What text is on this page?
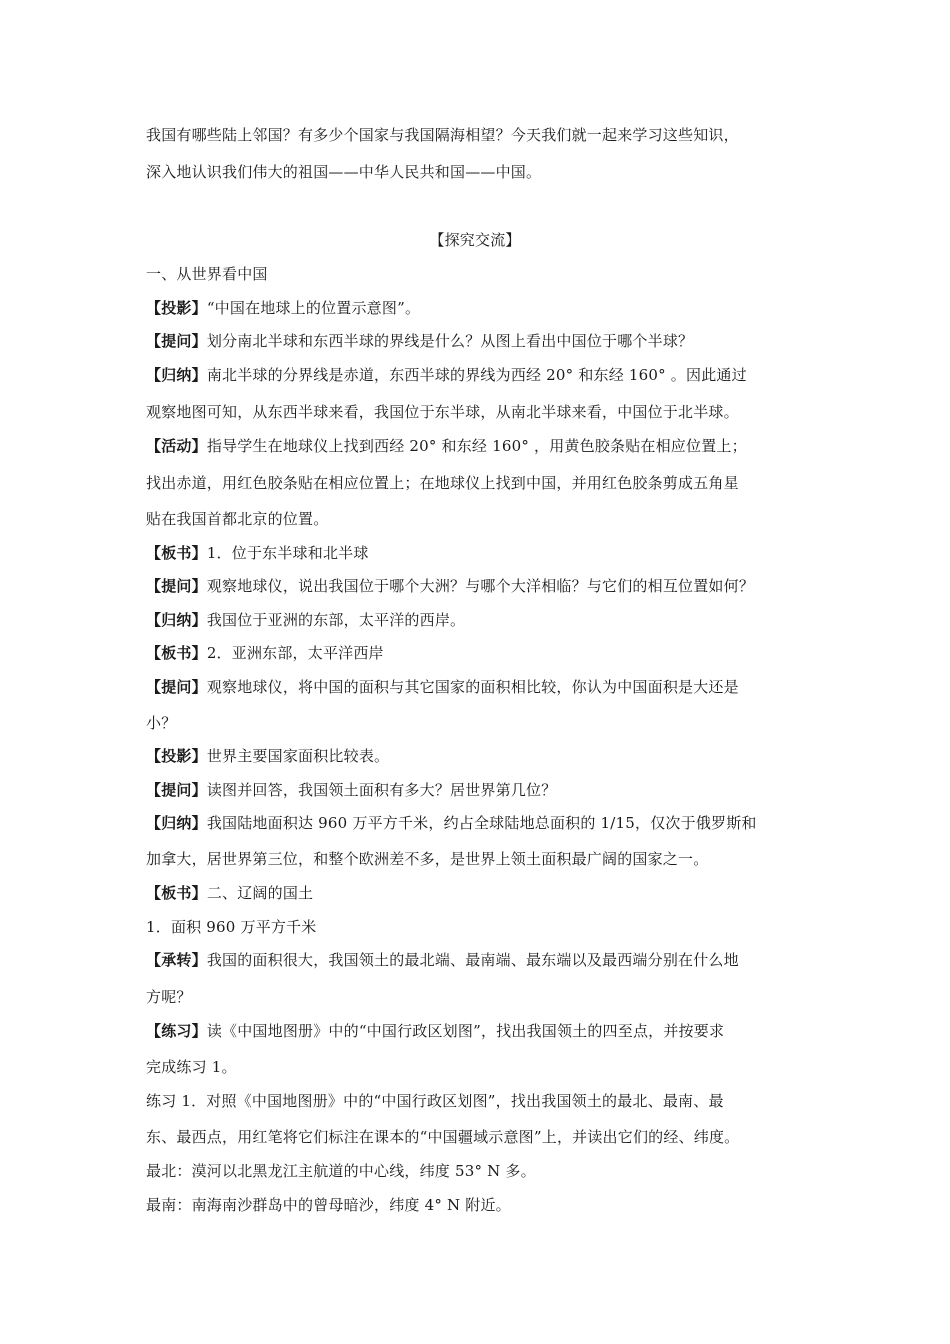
我国有哪些陆上邻国？有多少个国家与我国隔海相望？今天我们就一起来学习这些知识，
深入地认识我们伟大的祖国——中华人民共和国——中国。
【探究交流】
一、从世界看中国
【投影】“中国在地球上的位置示意图”。
【提问】划分南北半球和东西半球的界线是什么？从图上看出中国位于哪个半球？
【归纳】南北半球的分界线是赤道，东西半球的界线为西经 20° 和东经 160° 。因此通过
观察地图可知，从东西半球来看，我国位于东半球，从南北半球来看，中国位于北半球。
【活动】指导学生在地球仪上找到西经 20° 和东经 160° ，用黄色胶条贴在相应位置上；
找出赤道，用红色胶条贴在相应位置上；在地球仪上找到中国，并用红色胶条剪成五角星
贴在我国首都北京的位置。
【板书】1．位于东半球和北半球
【提问】观察地球仪，说出我国位于哪个大洲？与哪个大洋相临？与它们的相互位置如何？
【归纳】我国位于亚洲的东部，太平洋的西岸。
【板书】2．亚洲东部，太平洋西岸
【提问】观察地球仪，将中国的面积与其它国家的面积相比较，你认为中国面积是大还是
小？
【投影】世界主要国家面积比较表。
【提问】读图并回答，我国领土面积有多大？居世界第几位？
【归纳】我国陆地面积达 960 万平方千米，约占全球陆地总面积的 1/15，仅次于俄罗斯和
加拿大，居世界第三位，和整个欧洲差不多，是世界上领土面积最广阔的国家之一。
【板书】二、辽阔的国土
1．面积 960 万平方千米
【承转】我国的面积很大，我国领土的最北端、最南端、最东端以及最西端分别在什么地
方呢？
【练习】读《中国地图册》中的“中国行政区划图”，找出我国领土的四至点，并按要求
完成练习 1。
练习 1．对照《中国地图册》中的“中国行政区划图”，找出我国领土的最北、最南、最
东、最西点，用红笔将它们标注在课本的“中国疆域示意图”上，并读出它们的经、纬度。
最北：漠河以北黑龙江主航道的中心线，纬度 53° N 多。
最南：南海南沙群岛中的曾母暗沙，纬度 4° N 附近。
